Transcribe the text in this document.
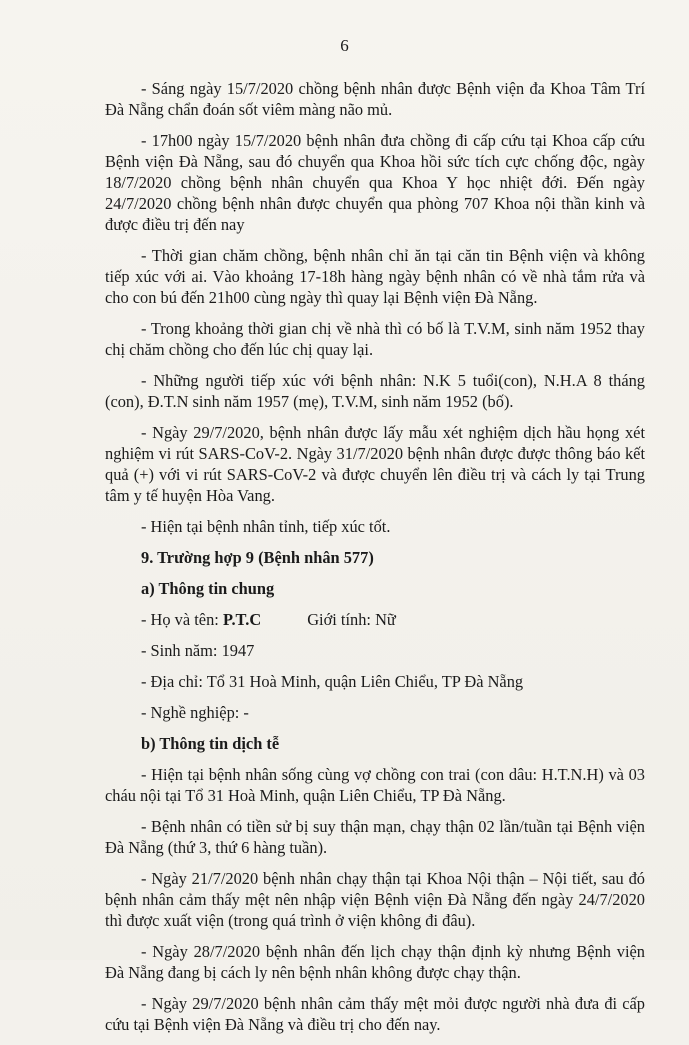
6

- Sáng ngày 15/7/2020 chồng bệnh nhân được Bệnh viện đa Khoa Tâm Trí Đà Nẵng chẩn đoán sốt viêm màng não mủ.

- 17h00 ngày 15/7/2020 bệnh nhân đưa chồng đi cấp cứu tại Khoa cấp cứu Bệnh viện Đà Nẵng, sau đó chuyển qua Khoa hồi sức tích cực chống độc, ngày 18/7/2020 chồng bệnh nhân chuyển qua Khoa Y học nhiệt đới. Đến ngày 24/7/2020 chồng bệnh nhân được chuyển qua phòng 707 Khoa nội thần kinh và được điều trị đến nay

- Thời gian chăm chồng, bệnh nhân chỉ ăn tại căn tin Bệnh viện và không tiếp xúc với ai. Vào khoảng 17-18h hàng ngày bệnh nhân có về nhà tắm rửa và cho con bú đến 21h00 cùng ngày thì quay lại Bệnh viện Đà Nẵng.

- Trong khoảng thời gian chị về nhà thì có bố là T.V.M, sinh năm 1952 thay chị chăm chồng cho đến lúc chị quay lại.

- Những người tiếp xúc với bệnh nhân: N.K 5 tuổi(con), N.H.A 8 tháng (con), Đ.T.N sinh năm 1957 (mẹ), T.V.M, sinh năm 1952 (bố).

- Ngày 29/7/2020, bệnh nhân được lấy mẫu xét nghiệm dịch hầu họng xét nghiệm vi rút SARS-CoV-2. Ngày 31/7/2020 bệnh nhân được được thông báo kết quả (+) với vi rút SARS-CoV-2 và được chuyển lên điều trị và cách ly tại Trung tâm y tế huyện Hòa Vang.

- Hiện tại bệnh nhân tỉnh, tiếp xúc tốt.

9. Trường hợp 9 (Bệnh nhân 577)

a) Thông tin chung

- Họ và tên: P.T.C	Giới tính: Nữ

- Sinh năm: 1947

- Địa chỉ: Tổ 31 Hoà Minh, quận Liên Chiểu, TP Đà Nẵng

- Nghề nghiệp: -

b) Thông tin dịch tễ

- Hiện tại bệnh nhân sống cùng vợ chồng con trai (con dâu: H.T.N.H) và 03 cháu nội tại Tổ 31 Hoà Minh, quận Liên Chiểu, TP Đà Nẵng.

- Bệnh nhân có tiền sử bị suy thận mạn, chạy thận 02 lần/tuần tại Bệnh viện Đà Nẵng (thứ 3, thứ 6 hàng tuần).

- Ngày 21/7/2020 bệnh nhân chạy thận tại Khoa Nội thận – Nội tiết, sau đó bệnh nhân cảm thấy mệt nên nhập viện Bệnh viện Đà Nẵng đến ngày 24/7/2020 thì được xuất viện (trong quá trình ở viện không đi đâu).

- Ngày 28/7/2020 bệnh nhân đến lịch chạy thận định kỳ nhưng Bệnh viện Đà Nẵng đang bị cách ly nên bệnh nhân không được chạy thận.

- Ngày 29/7/2020 bệnh nhân cảm thấy mệt mỏi được người nhà đưa đi cấp cứu tại Bệnh viện Đà Nẵng và điều trị cho đến nay.
